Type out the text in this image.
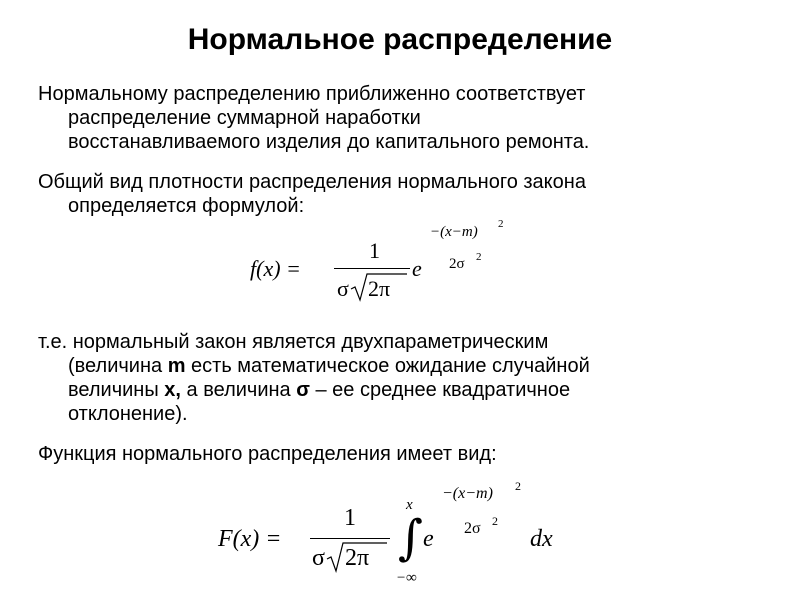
Нормальное распределение
Нормальному распределению приближенно соответствует
распределение суммарной наработки
восстанавливаемого изделия до капитального ремонта.
Общий вид плотности распределения нормального закона
определяется формулой:
f(x) =
1
σ 2π
e
−(x−m) 2
2σ 2
т.е. нормальный закон является двухпараметрическим
(величина m есть математическое ожидание случайной
величины x, а величина σ – ее среднее квадратичное
отклонение).
Функция нормального распределения имеет вид:
F(x) =
1
σ 2π
x
∫
−∞
e
−(x−m) 2
2σ 2
dx
